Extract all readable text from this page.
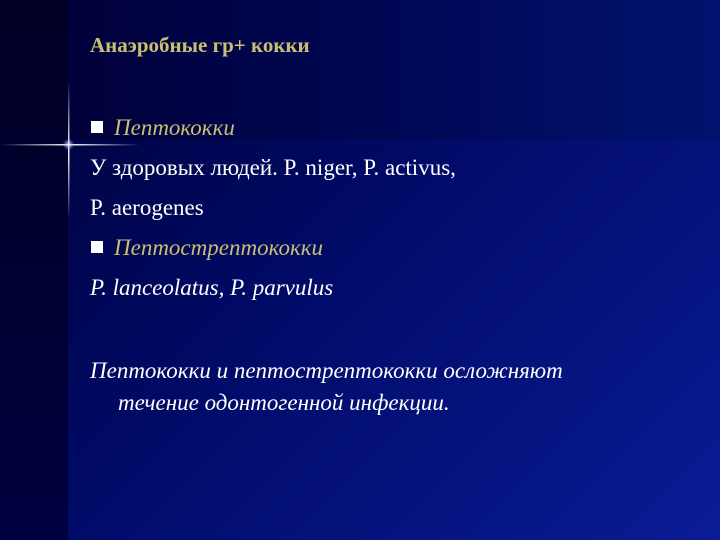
Анаэробные гр+ кокки
Пептококки
У здоровых людей. P. niger, P. activus,
P. aerogenes
Пептострептококки
P. lanceolatus, P. parvulus
Пептококки и пептострептококки осложняют
течение одонтогенной инфекции.
